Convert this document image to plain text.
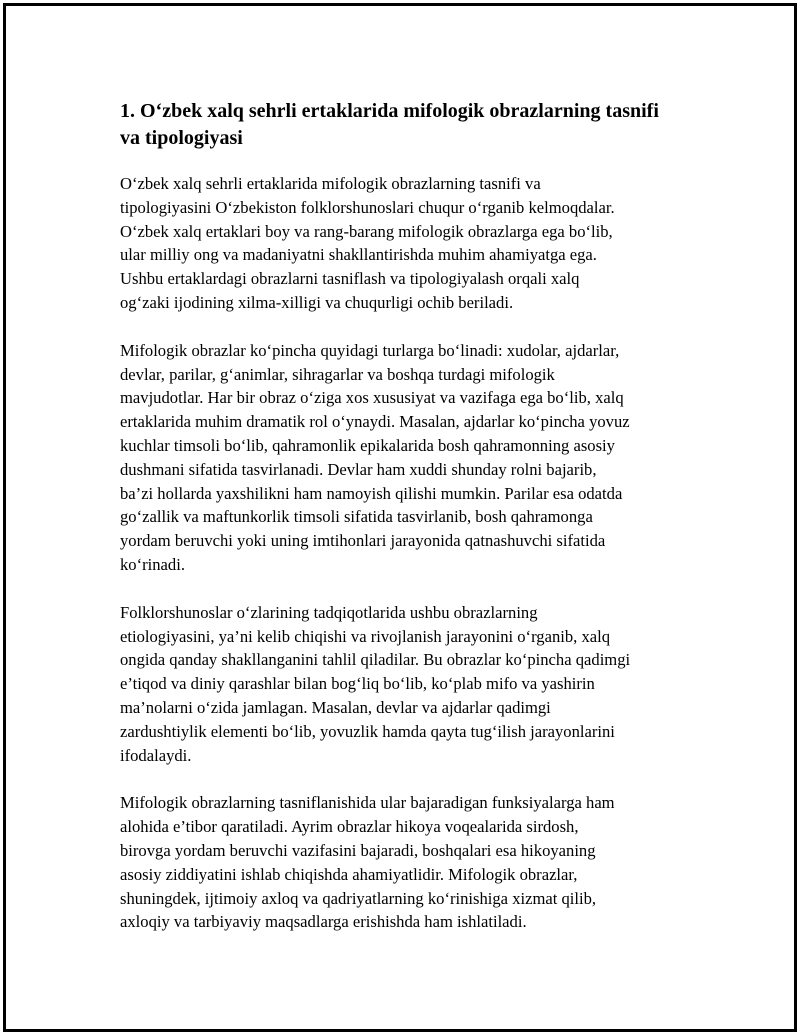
1. O‘zbek xalq sehrli ertaklarida mifologik obrazlarning tasnifi
va tipologiyasi

O‘zbek xalq sehrli ertaklarida mifologik obrazlarning tasnifi va
tipologiyasini O‘zbekiston folklorshunoslari chuqur o‘rganib kelmoqdalar.
O‘zbek xalq ertaklari boy va rang-barang mifologik obrazlarga ega bo‘lib,
ular milliy ong va madaniyatni shakllantirishda muhim ahamiyatga ega.
Ushbu ertaklardagi obrazlarni tasniflash va tipologiyalash orqali xalq
og‘zaki ijodining xilma-xilligi va chuqurligi ochib beriladi.

Mifologik obrazlar ko‘pincha quyidagi turlarga bo‘linadi: xudolar, ajdarlar,
devlar, parilar, g‘animlar, sihragarlar va boshqa turdagi mifologik
mavjudotlar. Har bir obraz o‘ziga xos xususiyat va vazifaga ega bo‘lib, xalq
ertaklarida muhim dramatik rol o‘ynaydi. Masalan, ajdarlar ko‘pincha yovuz
kuchlar timsoli bo‘lib, qahramonlik epikalarida bosh qahramonning asosiy
dushmani sifatida tasvirlanadi. Devlar ham xuddi shunday rolni bajarib,
ba’zi hollarda yaxshilikni ham namoyish qilishi mumkin. Parilar esa odatda
go‘zallik va maftunkorlik timsoli sifatida tasvirlanib, bosh qahramonga
yordam beruvchi yoki uning imtihonlari jarayonida qatnashuvchi sifatida
ko‘rinadi.

Folklorshunoslar o‘zlarining tadqiqotlarida ushbu obrazlarning
etiologiyasini, ya’ni kelib chiqishi va rivojlanish jarayonini o‘rganib, xalq
ongida qanday shakllanganini tahlil qiladilar. Bu obrazlar ko‘pincha qadimgi
e’tiqod va diniy qarashlar bilan bog‘liq bo‘lib, ko‘plab mifo va yashirin
ma’nolarni o‘zida jamlagan. Masalan, devlar va ajdarlar qadimgi
zardushtiylik elementi bo‘lib, yovuzlik hamda qayta tug‘ilish jarayonlarini
ifodalaydi.

Mifologik obrazlarning tasniflanishida ular bajaradigan funksiyalarga ham
alohida e’tibor qaratiladi. Ayrim obrazlar hikoya voqealarida sirdosh,
birovga yordam beruvchi vazifasini bajaradi, boshqalari esa hikoyaning
asosiy ziddiyatini ishlab chiqishda ahamiyatlidir. Mifologik obrazlar,
shuningdek, ijtimoiy axloq va qadriyatlarning ko‘rinishiga xizmat qilib,
axloqiy va tarbiyaviy maqsadlarga erishishda ham ishlatiladi.
